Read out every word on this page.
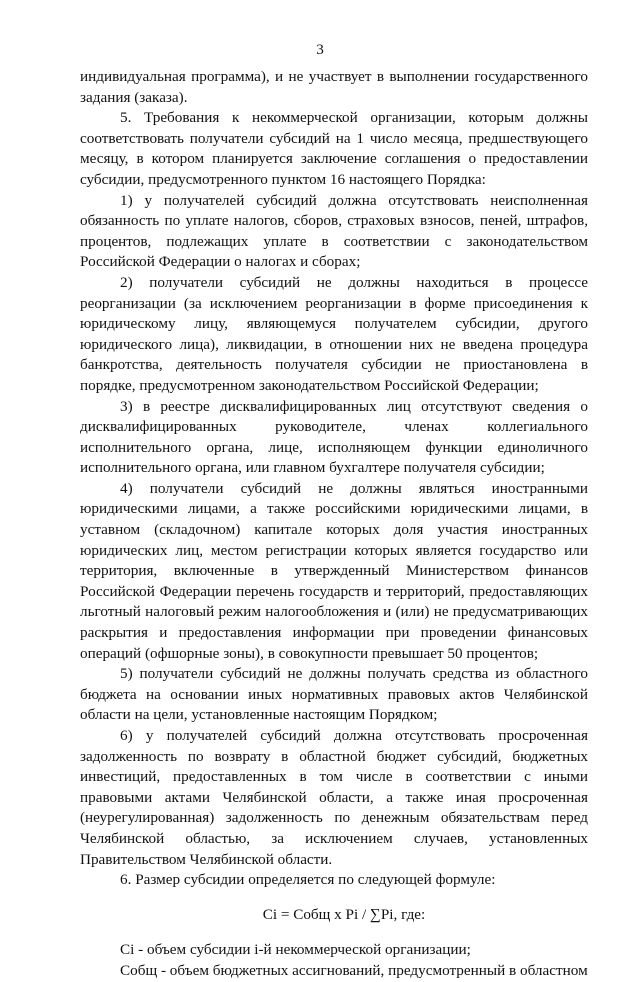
3

индивидуальная программа), и не участвует в выполнении государственного задания (заказа).

5. Требования к некоммерческой организации, которым должны соответствовать получатели субсидий на 1 число месяца, предшествующего месяцу, в котором планируется заключение соглашения о предоставлении субсидии, предусмотренного пунктом 16 настоящего Порядка:

1) у получателей субсидий должна отсутствовать неисполненная обязанность по уплате налогов, сборов, страховых взносов, пеней, штрафов, процентов, подлежащих уплате в соответствии с законодательством Российской Федерации о налогах и сборах;

2) получатели субсидий не должны находиться в процессе реорганизации (за исключением реорганизации в форме присоединения к юридическому лицу, являющемуся получателем субсидии, другого юридического лица), ликвидации, в отношении них не введена процедура банкротства, деятельность получателя субсидии не приостановлена в порядке, предусмотренном законодательством Российской Федерации;

3) в реестре дисквалифицированных лиц отсутствуют сведения о дисквалифицированных руководителе, членах коллегиального исполнительного органа, лице, исполняющем функции единоличного исполнительного органа, или главном бухгалтере получателя субсидии;

4) получатели субсидий не должны являться иностранными юридическими лицами, а также российскими юридическими лицами, в уставном (складочном) капитале которых доля участия иностранных юридических лиц, местом регистрации которых является государство или территория, включенные в утвержденный Министерством финансов Российской Федерации перечень государств и территорий, предоставляющих льготный налоговый режим налогообложения и (или) не предусматривающих раскрытия и предоставления информации при проведении финансовых операций (офшорные зоны), в совокупности превышает 50 процентов;

5) получатели субсидий не должны получать средства из областного бюджета на основании иных нормативных правовых актов Челябинской области на цели, установленные настоящим Порядком;

6) у получателей субсидий должна отсутствовать просроченная задолженность по возврату в областной бюджет субсидий, бюджетных инвестиций, предоставленных в том числе в соответствии с иными правовыми актами Челябинской области, а также иная просроченная (неурегулированная) задолженность по денежным обязательствам перед Челябинской областью, за исключением случаев, установленных Правительством Челябинской области.

6. Размер субсидии определяется по следующей формуле:

Ci = Cобщ x Pi / ∑Pi, где:

Ci - объем субсидии i-й некоммерческой организации;

Cобщ - объем бюджетных ассигнований, предусмотренный в областном
